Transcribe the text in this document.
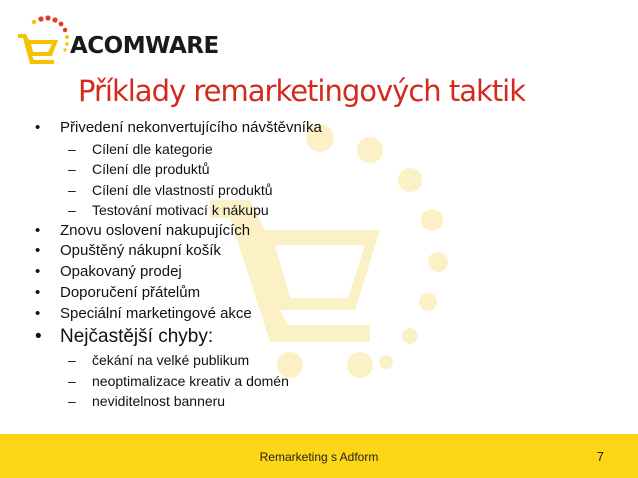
ACOMWARE
Příklady remarketingových taktik
• Přivedení nekonvertujícího návštěvníka
– Cílení dle kategorie
– Cílení dle produktů
– Cílení dle vlastností produktů
– Testování motivací k nákupu
• Znovu oslovení nakupujících
• Opuštěný nákupní košík
• Opakovaný prodej
• Doporučení přátelům
• Speciální marketingové akce
• Nejčastější chyby:
– čekání na velké publikum
– neoptimalizace kreativ a domén
– neviditelnost banneru
Remarketing s Adform	7
